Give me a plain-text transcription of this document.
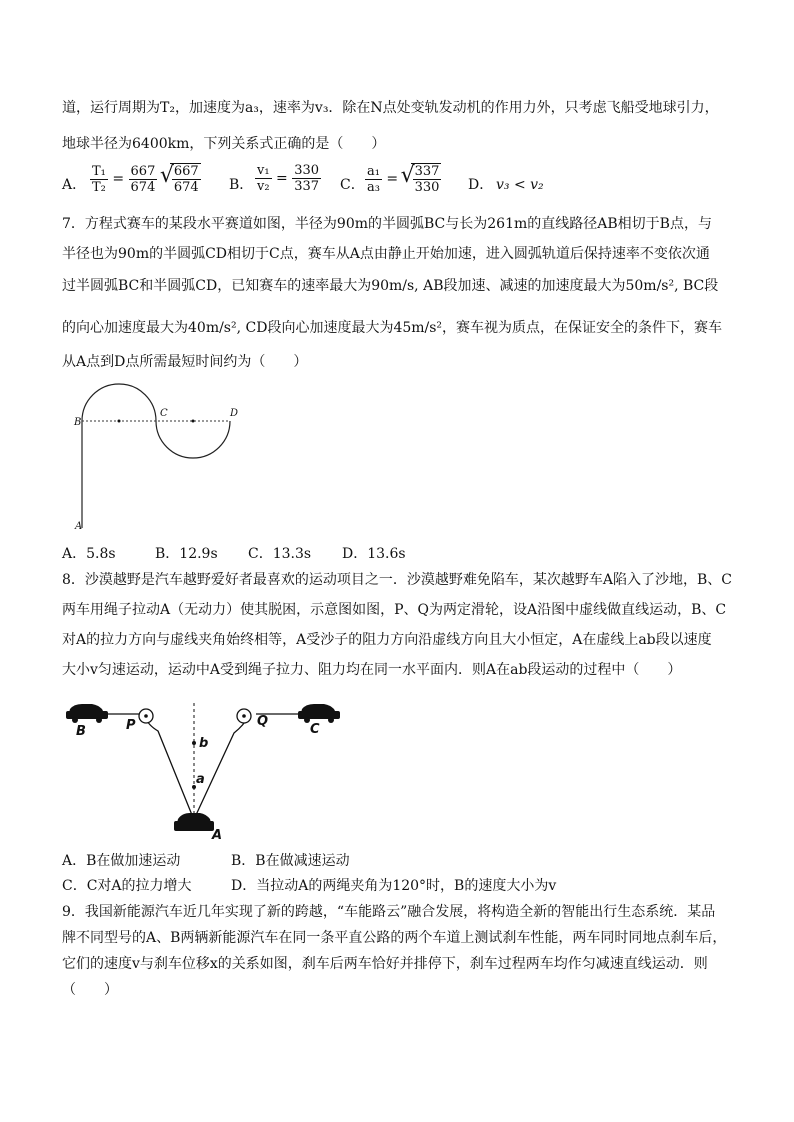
道，运行周期为T₂，加速度为a₃，速率为v₃．除在N点处变轨发动机的作用力外，只考虑飞船受地球引力，
地球半径为6400km，下列关系式正确的是（　　）
A． $\frac{\text{T₁}}{\text{T₂}} = \frac{667}{674}$
√ $\frac{667}{674}$ B． $\frac{\text{v₁}}{\text{v₂}} = \frac{330}{337}$ C． $\frac{\text{a₁}}{\text{a₃}}$ = √ $\frac{337}{330}$ D． v₃ < v₂
7．方程式赛车的某段水平赛道如图，半径为90m的半圆弧BC与长为261m的直线路径AB相切于B点，与
半径也为90m的半圆弧CD相切于C点，赛车从A点由静止开始加速，进入圆弧轨道后保持速率不变依次通
过半圆弧BC和半圆弧CD，已知赛车的速率最大为90m/s, AB段加速、减速的加速度最大为50m/s², BC段
的向心加速度最大为40m/s², CD段向心加速度最大为45m/s²，赛车视为质点，在保证安全的条件下，赛车
从A点到D点所需最短时间约为（　　）
B
C	D
A
A．5.8s	B．12.9s C．13.3s D．13.6s
8．沙漠越野是汽车越野爱好者最喜欢的运动项目之一．沙漠越野难免陷车，某次越野车A陷入了沙地，B、C
两车用绳子拉动A（无动力）使其脱困，示意图如图，P、Q为两定滑轮，设A沿图中虚线做直线运动，B、C
对A的拉力方向与虚线夹角始终相等，A受沙子的阻力方向沿虚线方向且大小恒定，A在虚线上ab段以速度
大小v匀速运动，运动中A受到绳子拉力、阻力均在同一水平面内．则A在ab段运动的过程中（　　）
B	P
b
Q
C
a
A
A．B在做加速运动	B．B在做减速运动
C．C对A的拉力增大	D．当拉动A的两绳夹角为120°时，B的速度大小为v
9．我国新能源汽车近几年实现了新的跨越，“车能路云”融合发展，将构造全新的智能出行生态系统．某品
牌不同型号的A、B两辆新能源汽车在同一条平直公路的两个车道上测试刹车性能，两车同时同地点刹车后，
它们的速度v与刹车位移x的关系如图，刹车后两车恰好并排停下，刹车过程两车均作匀减速直线运动．则
（　　）
